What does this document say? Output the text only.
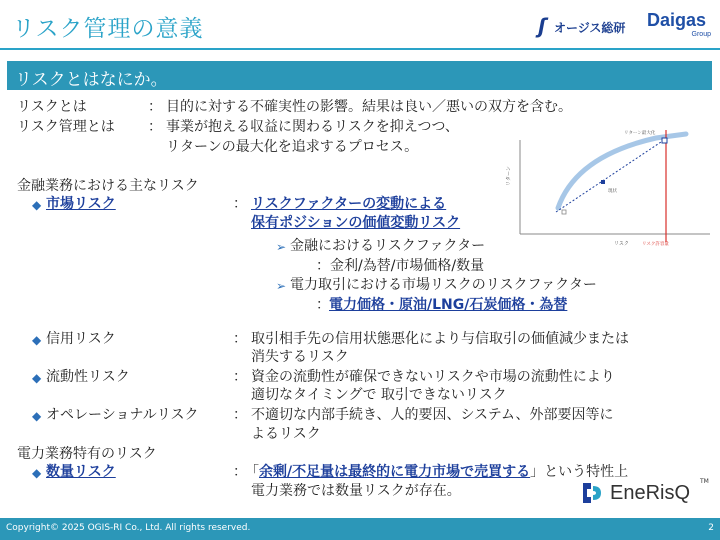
リスク管理の意義	ʃ オージス総研 Daigas
Group
リスクとはなにか。
リスクとは	： 目的に対する不確実性の影響。結果は良い／悪いの双方を含む。
リスク管理とは ： 事業が抱える収益に関わるリスクを抑えつつ、
リターンの最大化を追求するプロセス。
金融業務における主なリスク
◆ 市場リスク	： リスクファクターの変動による
保有ポジションの価値変動リスク
➢ 金融におけるリスクファクター
：金利/為替/市場価格/数量
➢ 電力取引における市場リスクのリスクファクター
： 電力価格・原油/LNG/石炭価格・為替
◆ 信用リスク	： 取引相手先の信用状態悪化により与信取引の価値減少または
消失するリスク
◆ 流動性リスク	： 資金の流動性が確保できないリスクや市場の流動性により
適切なタイミングで 取引できないリスク
◆ オペレーショナルリスク ： 不適切な内部手続き、人的要因、システム、外部要因等に
よるリスク
電力業務特有のリスク
◆ 数量リスク	：
「余剰/不足量は最終的に電力市場で売買する」という特性上
電力業務では数量リスクが存在。
リターン
リスク
リターン最大化
現状
リスク許容量
EneRisQ
TM
Copyright© 2025 OGIS-RI Co., Ltd. All rights reserved.	2
